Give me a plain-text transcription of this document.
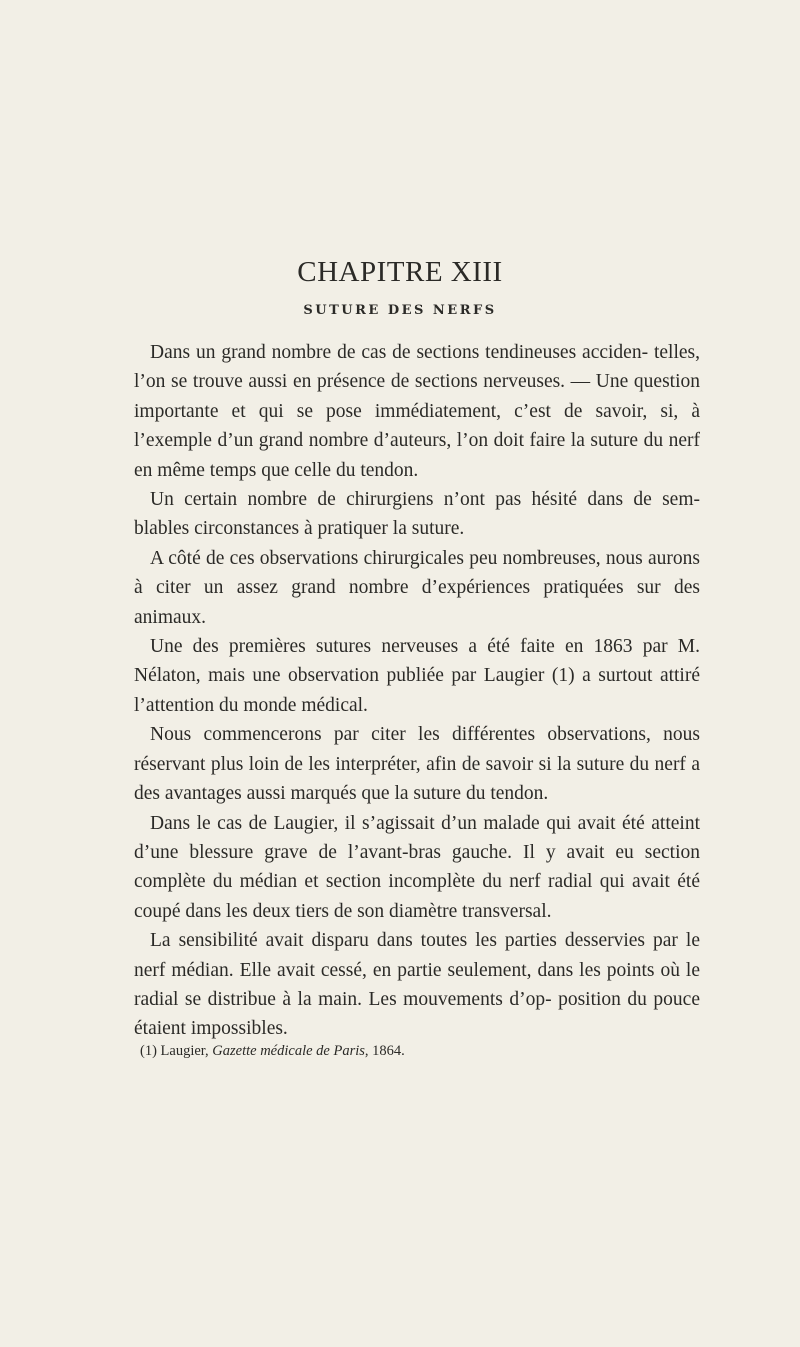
CHAPITRE XIII
SUTURE DES NERFS

Dans un grand nombre de cas de sections tendineuses acciden- telles, l’on se trouve aussi en présence de sections nerveuses. — Une question importante et qui se pose immédiatement, c’est de savoir, si, à l’exemple d’un grand nombre d’auteurs, l’on doit faire la suture du nerf en même temps que celle du tendon.

Un certain nombre de chirurgiens n’ont pas hésité dans de sem- blables circonstances à pratiquer la suture.

A côté de ces observations chirurgicales peu nombreuses, nous aurons à citer un assez grand nombre d’expériences pratiquées sur des animaux.

Une des premières sutures nerveuses a été faite en 1863 par M. Nélaton, mais une observation publiée par Laugier (1) a surtout attiré l’attention du monde médical.

Nous commencerons par citer les différentes observations, nous réservant plus loin de les interpréter, afin de savoir si la suture du nerf a des avantages aussi marqués que la suture du tendon.

Dans le cas de Laugier, il s’agissait d’un malade qui avait été atteint d’une blessure grave de l’avant-bras gauche. Il y avait eu section complète du médian et section incomplète du nerf radial qui avait été coupé dans les deux tiers de son diamètre transversal.

La sensibilité avait disparu dans toutes les parties desservies par le nerf médian. Elle avait cessé, en partie seulement, dans les points où le radial se distribue à la main. Les mouvements d’op- position du pouce étaient impossibles.

(1) Laugier, Gazette médicale de Paris, 1864.
